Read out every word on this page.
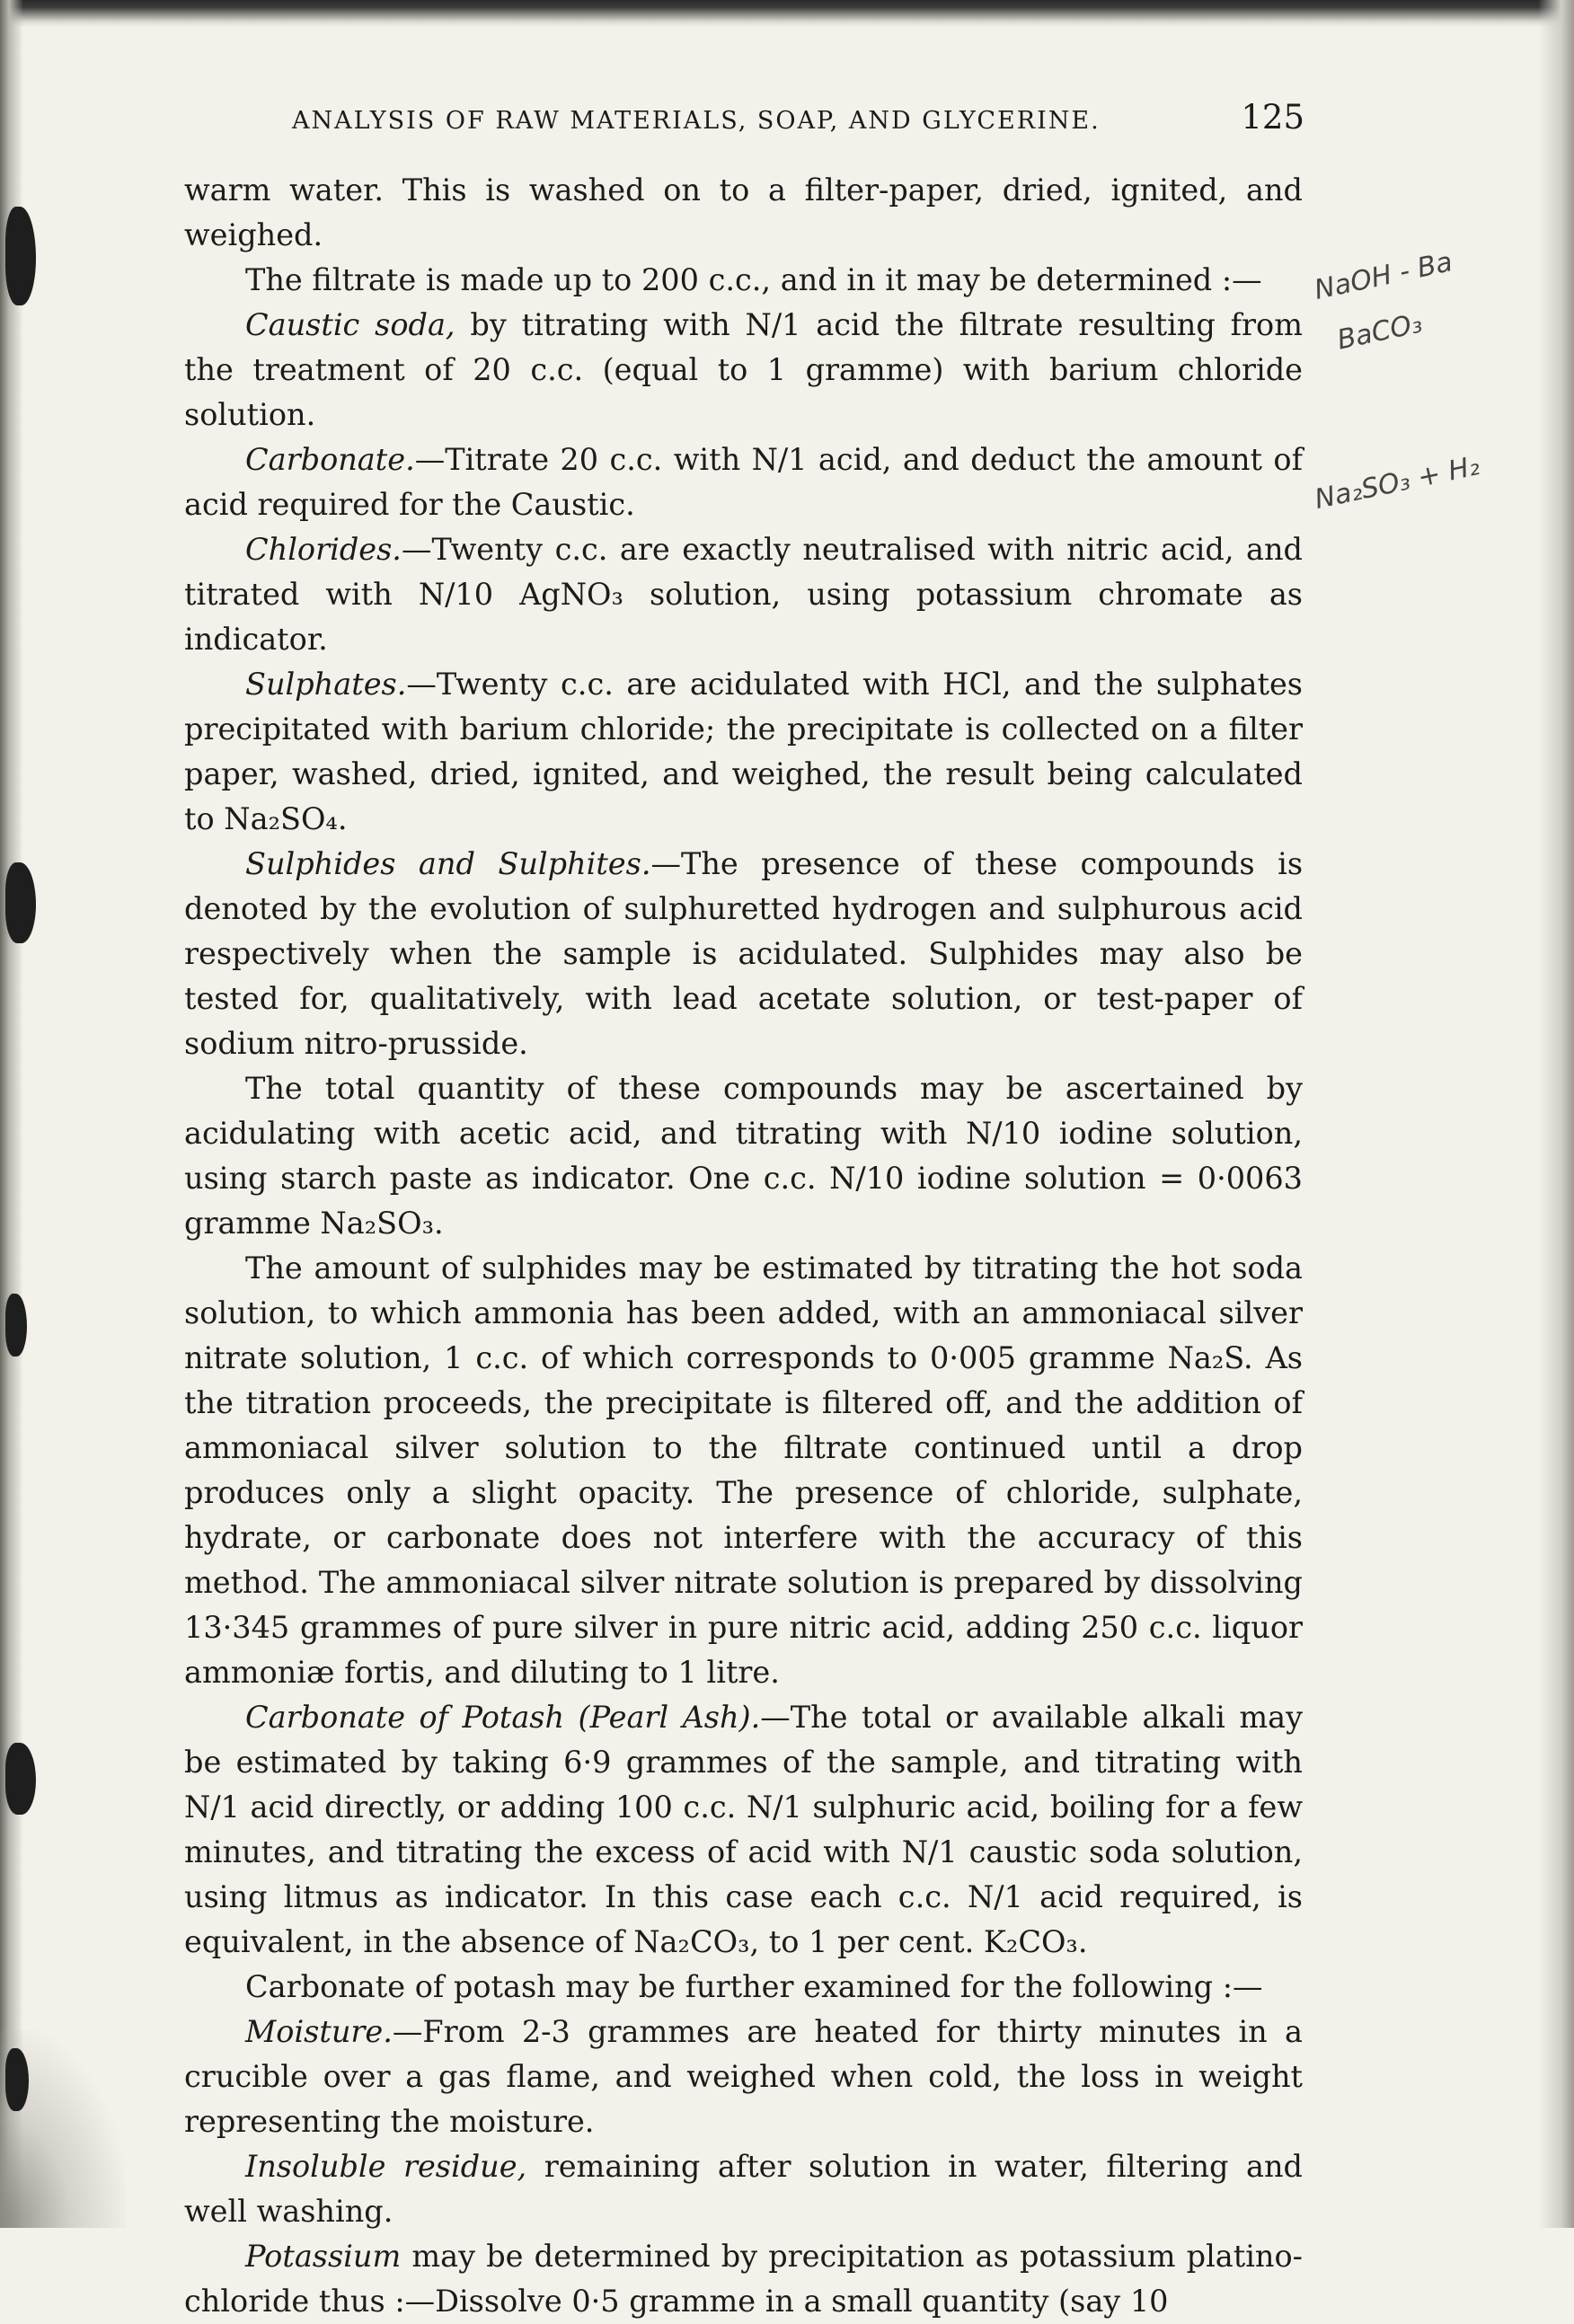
ANALYSIS OF RAW MATERIALS, SOAP, AND GLYCERINE.	125

warm water. This is washed on to a filter-paper, dried, ignited, and weighed.

The filtrate is made up to 200 c.c., and in it may be determined :—

Caustic soda, by titrating with N/1 acid the filtrate resulting from the treatment of 20 c.c. (equal to 1 gramme) with barium chloride solution.

Carbonate.—Titrate 20 c.c. with N/1 acid, and deduct the amount of acid required for the Caustic.

Chlorides.—Twenty c.c. are exactly neutralised with nitric acid, and titrated with N/10 AgNO₃ solution, using potassium chromate as indicator.

Sulphates.—Twenty c.c. are acidulated with HCl, and the sulphates precipitated with barium chloride; the precipitate is collected on a filter paper, washed, dried, ignited, and weighed, the result being calculated to Na₂SO₄.

Sulphides and Sulphites.—The presence of these compounds is denoted by the evolution of sulphuretted hydrogen and sulphurous acid respectively when the sample is acidulated. Sulphides may also be tested for, qualitatively, with lead acetate solution, or test-paper of sodium nitro-prusside.

The total quantity of these compounds may be ascertained by acidulating with acetic acid, and titrating with N/10 iodine solution, using starch paste as indicator. One c.c. N/10 iodine solution = 0·0063 gramme Na₂SO₃.

The amount of sulphides may be estimated by titrating the hot soda solution, to which ammonia has been added, with an ammoniacal silver nitrate solution, 1 c.c. of which corresponds to 0·005 gramme Na₂S. As the titration proceeds, the precipitate is filtered off, and the addition of ammoniacal silver solution to the filtrate continued until a drop produces only a slight opacity. The presence of chloride, sulphate, hydrate, or carbonate does not interfere with the accuracy of this method. The ammoniacal silver nitrate solution is prepared by dissolving 13·345 grammes of pure silver in pure nitric acid, adding 250 c.c. liquor ammoniæ fortis, and diluting to 1 litre.

Carbonate of Potash (Pearl Ash).—The total or available alkali may be estimated by taking 6·9 grammes of the sample, and titrating with N/1 acid directly, or adding 100 c.c. N/1 sulphuric acid, boiling for a few minutes, and titrating the excess of acid with N/1 caustic soda solution, using litmus as indicator. In this case each c.c. N/1 acid required, is equivalent, in the absence of Na₂CO₃, to 1 per cent. K₂CO₃.

Carbonate of potash may be further examined for the following :—

Moisture.—From 2-3 grammes are heated for thirty minutes in a crucible over a gas flame, and weighed when cold, the loss in weight representing the moisture.

Insoluble residue, remaining after solution in water, filtering and well washing.

Potassium may be determined by precipitation as potassium platino-chloride thus :—Dissolve 0·5 gramme in a small quantity (say 10

NaOH - Ba
BaCO₃
Na₂SO₃ + H₂
